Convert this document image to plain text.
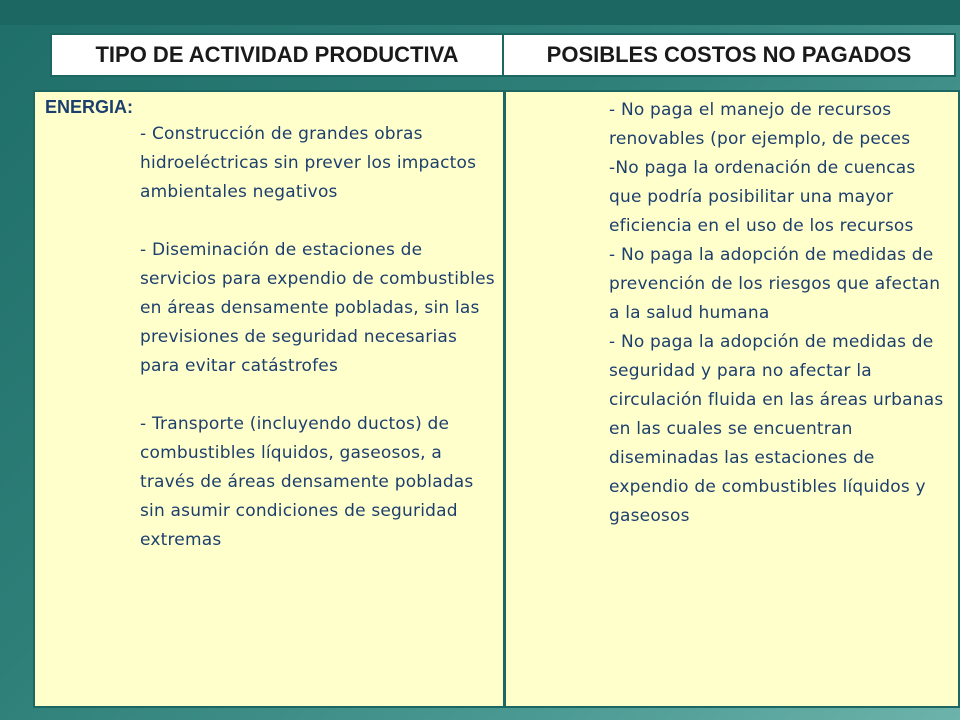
TIPO DE ACTIVIDAD PRODUCTIVA	POSIBLES COSTOS NO PAGADOS

ENERGIA:

- Construcción de grandes obras hidroeléctricas sin prever los impactos ambientales negativos

- Diseminación de estaciones de servicios para expendio de combustibles en áreas densamente pobladas, sin las previsiones de seguridad necesarias para evitar catástrofes

- Transporte (incluyendo ductos) de combustibles líquidos, gaseosos, a través de áreas densamente pobladas sin asumir condiciones de seguridad extremas

- No paga el manejo de recursos renovables (por ejemplo, de peces

-No paga la ordenación de cuencas que podría posibilitar una mayor eficiencia en el uso de los recursos

- No paga la adopción de medidas de prevención de los riesgos que afectan a la salud humana

- No paga la adopción de medidas de seguridad y para no afectar la circulación fluida en las áreas urbanas en las cuales se encuentran diseminadas las estaciones de expendio de combustibles líquidos y gaseosos
